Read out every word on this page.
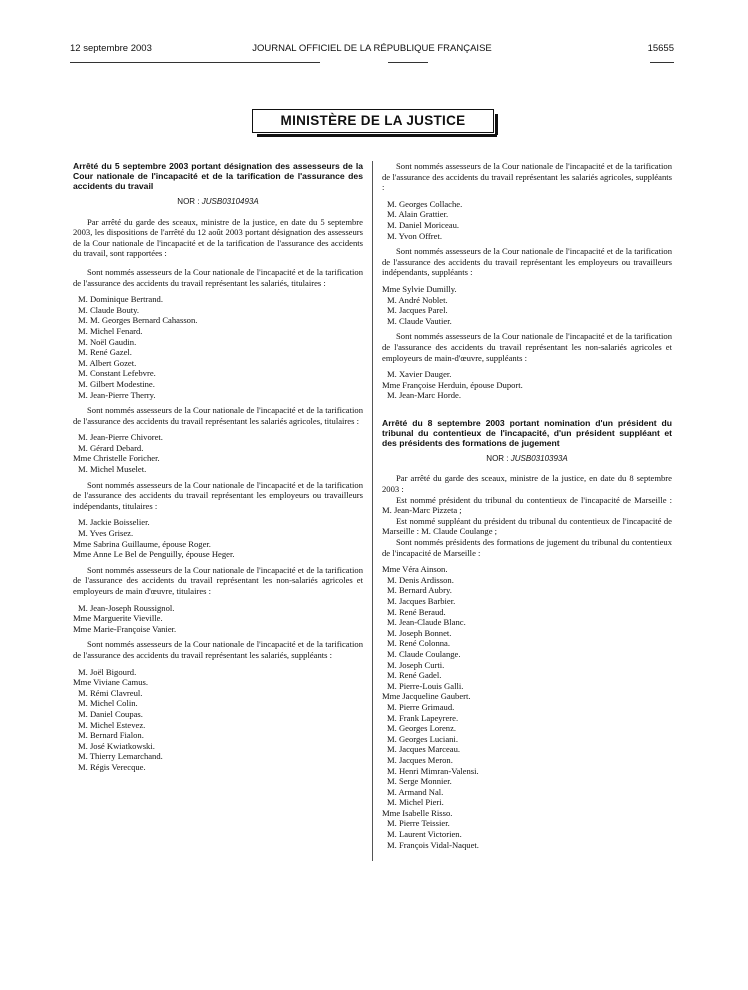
12 septembre 2003	JOURNAL OFFICIEL DE LA RÉPUBLIQUE FRANÇAISE	15655
MINISTÈRE DE LA JUSTICE

Arrêté du 5 septembre 2003 portant désignation des assesseurs de la Cour nationale de l'incapacité et de la tarification de l'assurance des accidents du travail

NOR : JUSB0310493A

Par arrêté du garde des sceaux, ministre de la justice, en date du 5 septembre 2003, les dispositions de l'arrêté du 12 août 2003 portant désignation des assesseurs de la Cour nationale de l'incapacité et de la tarification de l'assurance des accidents du travail, sont rapportées :

Sont nommés assesseurs de la Cour nationale de l'incapacité et de la tarification de l'assurance des accidents du travail représentant les salariés, titulaires :

M. Dominique Bertrand.
M. Claude Bouty.
M. M. Georges Bernard Cahasson.
M. Michel Fenard.
M. Noël Gaudin.
M. René Gazel.
M. Albert Gozet.
M. Constant Lefebvre.
M. Gilbert Modestine.
M. Jean-Pierre Therry.

Sont nommés assesseurs de la Cour nationale de l'incapacité et de la tarification de l'assurance des accidents du travail représentant les salariés agricoles, titulaires :

M. Jean-Pierre Chivoret.
M. Gérard Debard.
Mme Christelle Foricher.
M. Michel Muselet.

Sont nommés assesseurs de la Cour nationale de l'incapacité et de la tarification de l'assurance des accidents du travail représentant les employeurs ou travailleurs indépendants, titulaires :

M. Jackie Boisselier.
M. Yves Grisez.
Mme Sabrina Guillaume, épouse Roger.
Mme Anne Le Bel de Penguilly, épouse Heger.

Sont nommés assesseurs de la Cour nationale de l'incapacité et de la tarification de l'assurance des accidents du travail représentant les non-salariés agricoles et employeurs de main d'œuvre, titulaires :

M. Jean-Joseph Roussignol.
Mme Marguerite Vieville.
Mme Marie-Françoise Vanier.

Sont nommés assesseurs de la Cour nationale de l'incapacité et de la tarification de l'assurance des accidents du travail représentant les salariés, suppléants :

M. Joël Bigourd.
Mme Viviane Camus.
M. Rémi Clavreul.
M. Michel Colin.
M. Daniel Coupas.
M. Michel Estevez.
M. Bernard Fialon.
M. José Kwiatkowski.
M. Thierry Lemarchand.
M. Régis Verecque.

Sont nommés assesseurs de la Cour nationale de l'incapacité et de la tarification de l'assurance des accidents du travail représentant les salariés agricoles, suppléants :

M. Georges Collache.
M. Alain Grattier.
M. Daniel Moriceau.
M. Yvon Offret.

Sont nommés assesseurs de la Cour nationale de l'incapacité et de la tarification de l'assurance des accidents du travail représentant les employeurs ou travailleurs indépendants, suppléants :

Mme Sylvie Dumilly.
M. André Noblet.
M. Jacques Parel.
M. Claude Vautier.

Sont nommés assesseurs de la Cour nationale de l'incapacité et de la tarification de l'assurance des accidents du travail représentant les non-salariés agricoles et employeurs de main-d'œuvre, suppléants :

M. Xavier Dauger.
Mme Françoise Herduin, épouse Duport.
M. Jean-Marc Horde.

Arrêté du 8 septembre 2003 portant nomination d'un président du tribunal du contentieux de l'incapacité, d'un président suppléant et des présidents des formations de jugement

NOR : JUSB0310393A

Par arrêté du garde des sceaux, ministre de la justice, en date du 8 septembre 2003 :

Est nommé président du tribunal du contentieux de l'incapacité de Marseille : M. Jean-Marc Pizzeta ;

Est nommé suppléant du président du tribunal du contentieux de l'incapacité de Marseille : M. Claude Coulange ;

Sont nommés présidents des formations de jugement du tribunal du contentieux de l'incapacité de Marseille :

Mme Véra Ainson.
M. Denis Ardisson.
M. Bernard Aubry.
M. Jacques Barbier.
M. René Beraud.
M. Jean-Claude Blanc.
M. Joseph Bonnet.
M. René Colonna.
M. Claude Coulange.
M. Joseph Curti.
M. René Gadel.
M. Pierre-Louis Galli.
Mme Jacqueline Gaubert.
M. Pierre Grimaud.
M. Frank Lapeyrere.
M. Georges Lorenz.
M. Georges Luciani.
M. Jacques Marceau.
M. Jacques Meron.
M. Henri Mimran-Valensi.
M. Serge Monnier.
M. Armand Nal.
M. Michel Pieri.
Mme Isabelle Risso.
M. Pierre Teissier.
M. Laurent Victorien.
M. François Vidal-Naquet.
